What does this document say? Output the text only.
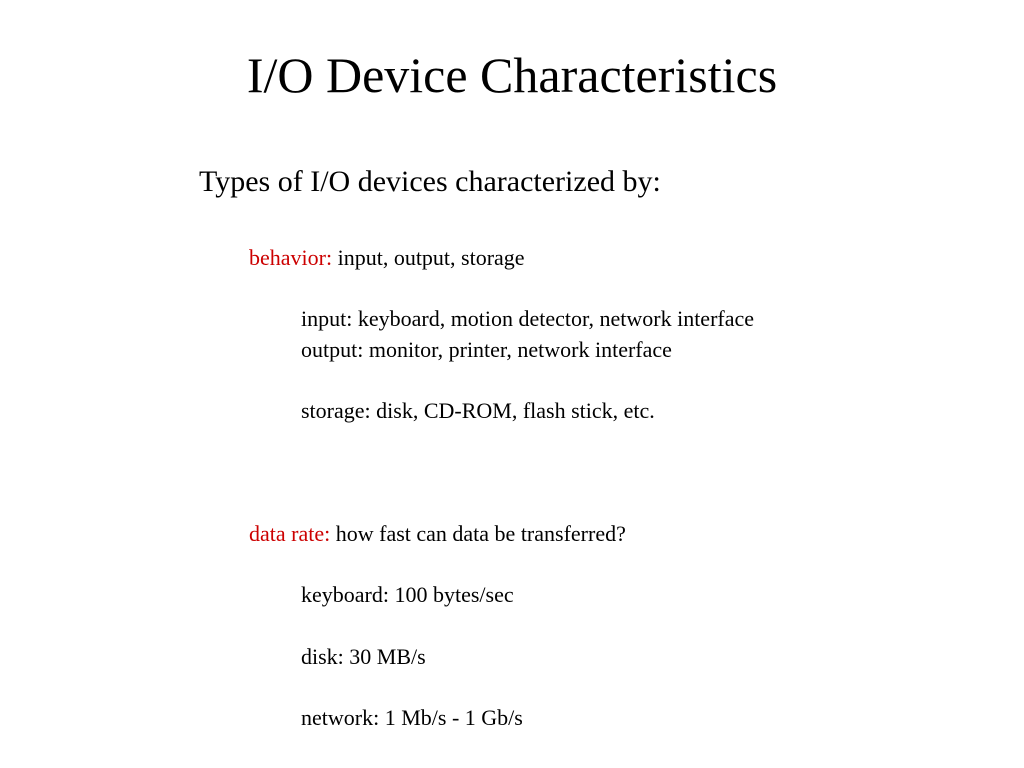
I/O Device Characteristics
Types of I/O devices characterized by:
behavior: input, output, storage
input: keyboard, motion detector, network interface
output: monitor, printer, network interface
storage: disk, CD-ROM, flash stick, etc.
data rate: how fast can data be transferred?
keyboard: 100 bytes/sec
disk: 30 MB/s
network: 1 Mb/s - 1 Gb/s
